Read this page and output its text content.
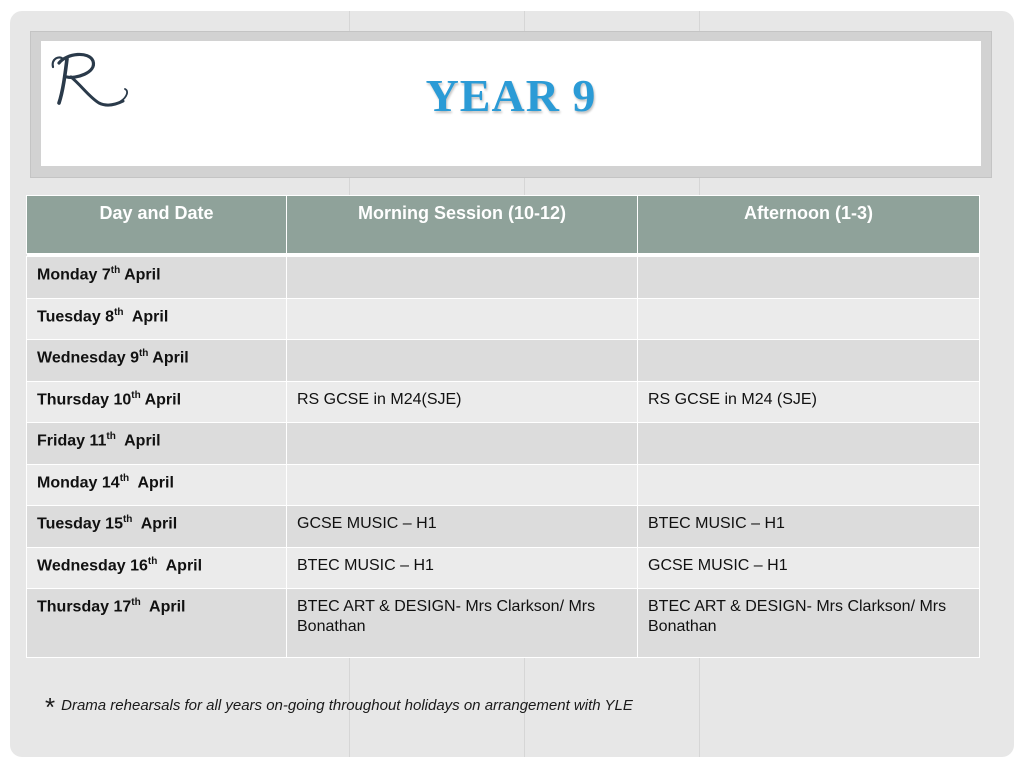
YEAR 9
Day and Date	Morning Session (10-12)	Afternoon (1-3)

Monday 7th April		
Tuesday 8th  April		
Wednesday 9th April		
Thursday 10th April	RS GCSE in M24(SJE)	RS GCSE in M24 (SJE)
Friday 11th  April		
Monday 14th  April		
Tuesday 15th  April	GCSE MUSIC – H1	BTEC MUSIC – H1
Wednesday 16th  April	BTEC MUSIC – H1	GCSE MUSIC – H1
Thursday 17th  April	BTEC ART & DESIGN- Mrs Clarkson/ Mrs Bonathan	BTEC ART & DESIGN- Mrs Clarkson/ Mrs Bonathan
* Drama rehearsals for all years on-going throughout holidays on arrangement with YLE
